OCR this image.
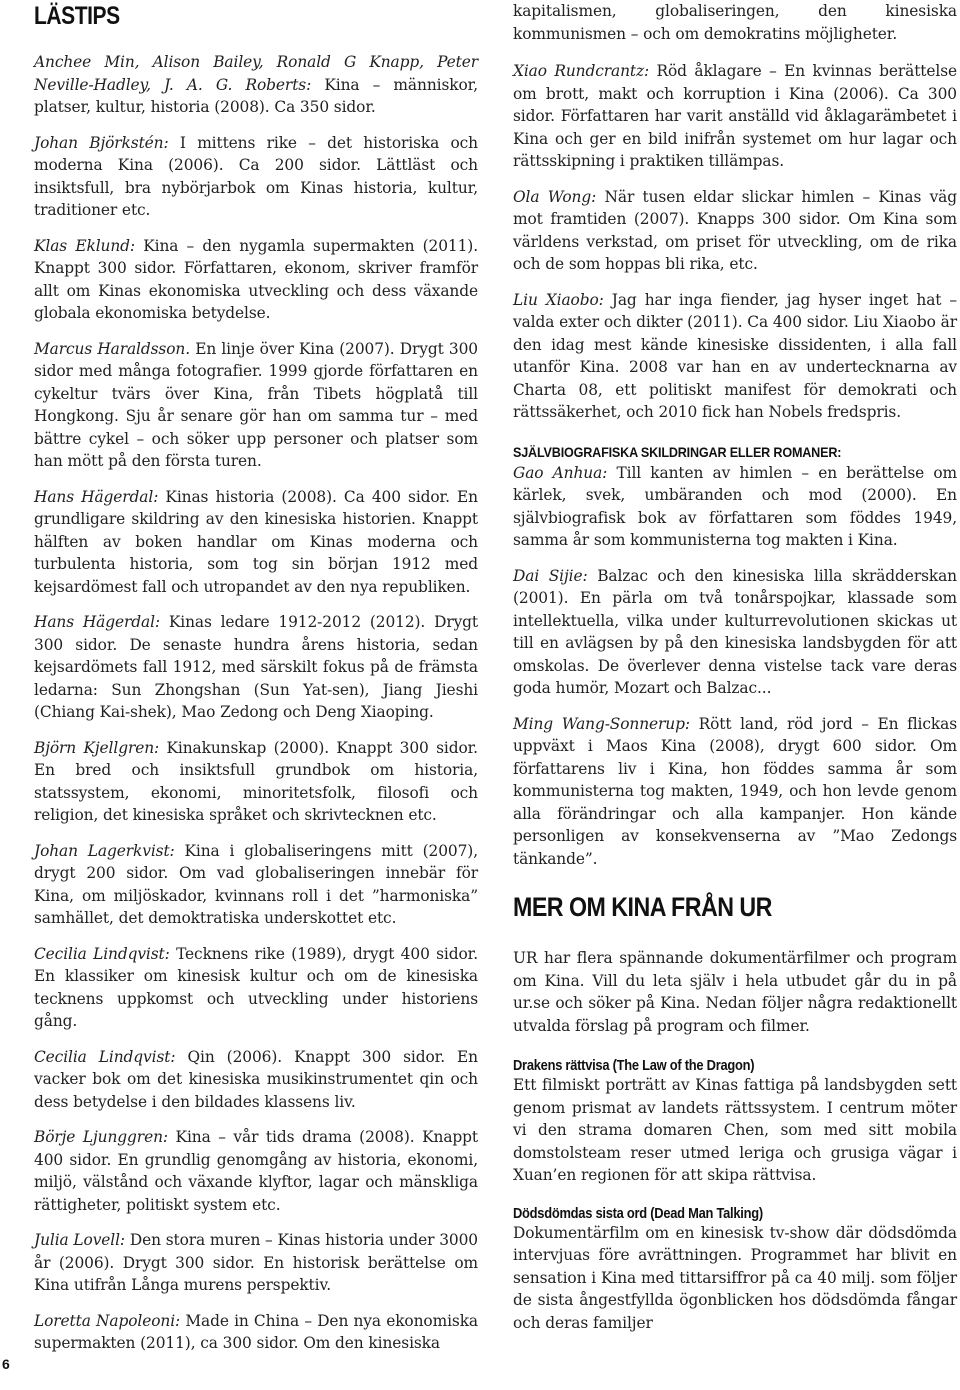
LÄSTIPS

Anchee Min, Alison Bailey, Ronald G Knapp, Peter Neville-Hadley, J. A. G. Roberts: Kina – människor, platser, kultur, historia (2008). Ca 350 sidor.

Johan Björkstén: I mittens rike – det historiska och moderna Kina (2006). Ca 200 sidor. Lättläst och insiktsfull, bra nybörjarbok om Kinas historia, kultur, traditioner etc.

Klas Eklund: Kina – den nygamla supermakten (2011). Knappt 300 sidor. Författaren, ekonom, skriver framför allt om Kinas ekonomiska utveckling och dess växande globala ekonomiska betydelse.

Marcus Haraldsson. En linje över Kina (2007). Drygt 300 sidor med många fotografier. 1999 gjorde författaren en cykeltur tvärs över Kina, från Tibets högplatå till Hongkong. Sju år senare gör han om samma tur – med bättre cykel – och söker upp personer och platser som han mött på den första turen.

Hans Hägerdal: Kinas historia (2008). Ca 400 sidor. En grundligare skildring av den kinesiska historien. Knappt hälften av boken handlar om Kinas moderna och turbulenta historia, som tog sin början 1912 med kejsardömest fall och utropandet av den nya republiken.

Hans Hägerdal: Kinas ledare 1912-2012 (2012). Drygt 300 sidor. De senaste hundra årens historia, sedan kejsardömets fall 1912, med särskilt fokus på de främsta ledarna: Sun Zhongshan (Sun Yat-sen), Jiang Jieshi (Chiang Kai-shek), Mao Zedong och Deng Xiaoping.

Björn Kjellgren: Kinakunskap (2000). Knappt 300 sidor. En bred och insiktsfull grundbok om historia, statssystem, ekonomi, minoritetsfolk, filosofi och religion, det kinesiska språket och skrivtecknen etc.

Johan Lagerkvist: Kina i globaliseringens mitt (2007), drygt 200 sidor. Om vad globaliseringen innebär för Kina, om miljöskador, kvinnans roll i det ”harmoniska” samhället, det demoktratiska underskottet etc.

Cecilia Lindqvist: Tecknens rike (1989), drygt 400 sidor. En klassiker om kinesisk kultur och om de kinesiska tecknens uppkomst och utveckling under historiens gång.

Cecilia Lindqvist: Qin (2006). Knappt 300 sidor. En vacker bok om det kinesiska musikinstrumentet qin och dess betydelse i den bildades klassens liv.

Börje Ljunggren: Kina – vår tids drama (2008). Knappt 400 sidor. En grundlig genomgång av historia, ekonomi, miljö, välstånd och växande klyftor, lagar och mänskliga rättigheter, politiskt system etc.

Julia Lovell: Den stora muren – Kinas historia under 3000 år (2006). Drygt 300 sidor. En historisk berättelse om Kina utifrån Långa murens perspektiv.

Loretta Napoleoni: Made in China – Den nya ekonomiska supermakten (2011), ca 300 sidor. Om den kinesiska

kapitalismen, globaliseringen, den kinesiska kommunismen – och om demokratins möjligheter.

Xiao Rundcrantz: Röd åklagare – En kvinnas berättelse om brott, makt och korruption i Kina (2006). Ca 300 sidor. Författaren har varit anställd vid åklagarämbetet i Kina och ger en bild inifrån systemet om hur lagar och rättsskipning i praktiken tillämpas.

Ola Wong: När tusen eldar slickar himlen – Kinas väg mot framtiden (2007). Knapps 300 sidor. Om Kina som världens verkstad, om priset för utveckling, om de rika och de som hoppas bli rika, etc.

Liu Xiaobo: Jag har inga fiender, jag hyser inget hat – valda exter och dikter (2011). Ca 400 sidor. Liu Xiaobo är den idag mest kände kinesiske dissidenten, i alla fall utanför Kina. 2008 var han en av undertecknarna av Charta 08, ett politiskt manifest för demokrati och rättssäkerhet, och 2010 fick han Nobels fredspris.

SJÄLVBIOGRAFISKA SKILDRINGAR ELLER ROMANER:

Gao Anhua: Till kanten av himlen – en berättelse om kärlek, svek, umbäranden och mod (2000). En självbiografisk bok av författaren som föddes 1949, samma år som kommunisterna tog makten i Kina.

Dai Sijie: Balzac och den kinesiska lilla skrädderskan (2001). En pärla om två tonårspojkar, klassade som intellektuella, vilka under kulturrevolutionen skickas ut till en avlägsen by på den kinesiska landsbygden för att omskolas. De överlever denna vistelse tack vare deras goda humör, Mozart och Balzac...

Ming Wang-Sonnerup: Rött land, röd jord – En flickas uppväxt i Maos Kina (2008), drygt 600 sidor. Om författarens liv i Kina, hon föddes samma år som kommunisterna tog makten, 1949, och hon levde genom alla förändringar och alla kampanjer. Hon kände personligen av konsekvenserna av ”Mao Zedongs tänkande”.

MER OM KINA FRÅN UR

UR har flera spännande dokumentärfilmer och program om Kina. Vill du leta själv i hela utbudet går du in på ur.se och söker på Kina. Nedan följer några redaktionellt utvalda förslag på program och filmer.

Drakens rättvisa (The Law of the Dragon)

Ett filmiskt porträtt av Kinas fattiga på landsbygden sett genom prismat av landets rättssystem. I centrum möter vi den strama domaren Chen, som med sitt mobila domstolsteam reser utmed leriga och grusiga vägar i Xuan’en regionen för att skipa rättvisa.

Dödsdömdas sista ord (Dead Man Talking)

Dokumentärfilm om en kinesisk tv-show där dödsdömda intervjuas före avrättningen. Programmet har blivit en sensation i Kina med tittarsiffror på ca 40 milj. som följer de sista ångestfyllda ögonblicken hos dödsdömda fångar och deras familjer

6
